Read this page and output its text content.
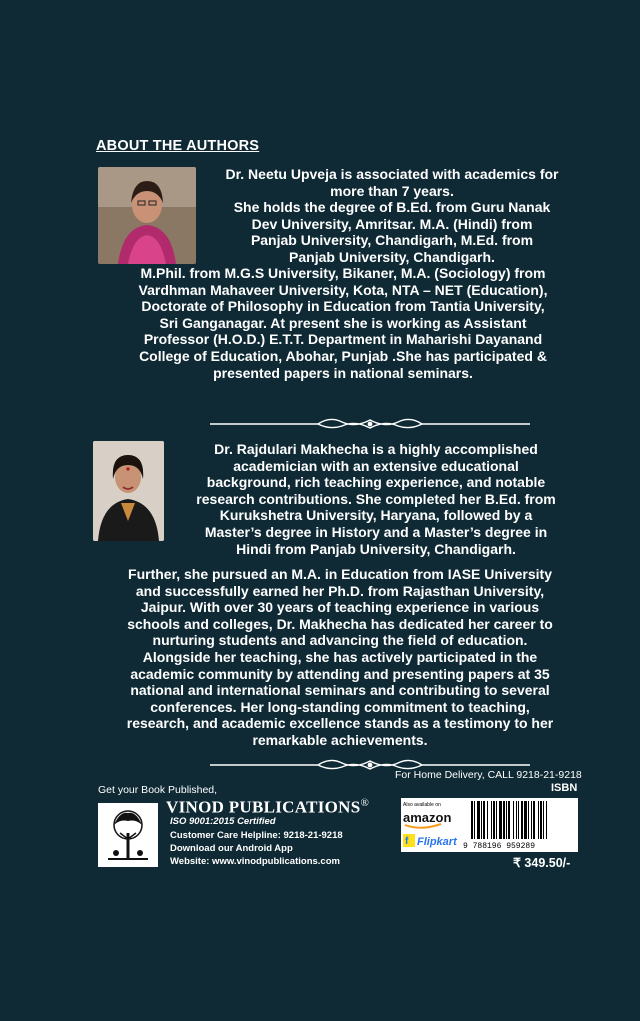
ABOUT THE AUTHORS
Dr. Neetu Upveja is associated with academics for
more than 7 years.
She holds the degree of B.Ed. from Guru Nanak
Dev University, Amritsar. M.A. (Hindi) from
Panjab University, Chandigarh, M.Ed. from
Panjab University, Chandigarh.
M.Phil. from M.G.S University, Bikaner, M.A. (Sociology) from
Vardhman Mahaveer University, Kota, NTA – NET (Education),
Doctorate of Philosophy in Education from Tantia University,
Sri Ganganagar. At present she is working as Assistant
Professor (H.O.D.) E.T.T. Department in Maharishi Dayanand
College of Education, Abohar, Punjab .She has participated &
presented papers in national seminars.
Dr. Rajdulari Makhecha is a highly accomplished
academician with an extensive educational
background, rich teaching experience, and notable
research contributions. She completed her B.Ed. from
Kurukshetra University, Haryana, followed by a
Master’s degree in History and a Master’s degree in
Hindi from Panjab University, Chandigarh.
Further, she pursued an M.A. in Education from IASE University
and successfully earned her Ph.D. from Rajasthan University,
Jaipur. With over 30 years of teaching experience in various
schools and colleges, Dr. Makhecha has dedicated her career to
nurturing students and advancing the field of education.
Alongside her teaching, she has actively participated in the
academic community by attending and presenting papers at 35
national and international seminars and contributing to several
conferences. Her long-standing commitment to teaching,
research, and academic excellence stands as a testimony to her
remarkable achievements.
For Home Delivery, CALL 9218-21-9218
Get your Book Published,	ISBN
VINOD PUBLICATIONS®
ISO 9001:2015 Certified
Customer Care Helpline: 9218-21-9218
Download our Android App
Website: www.vinodpublications.com
Also available on
amazon
f Flipkart 9 788196 959289
₹ 349.50/-
